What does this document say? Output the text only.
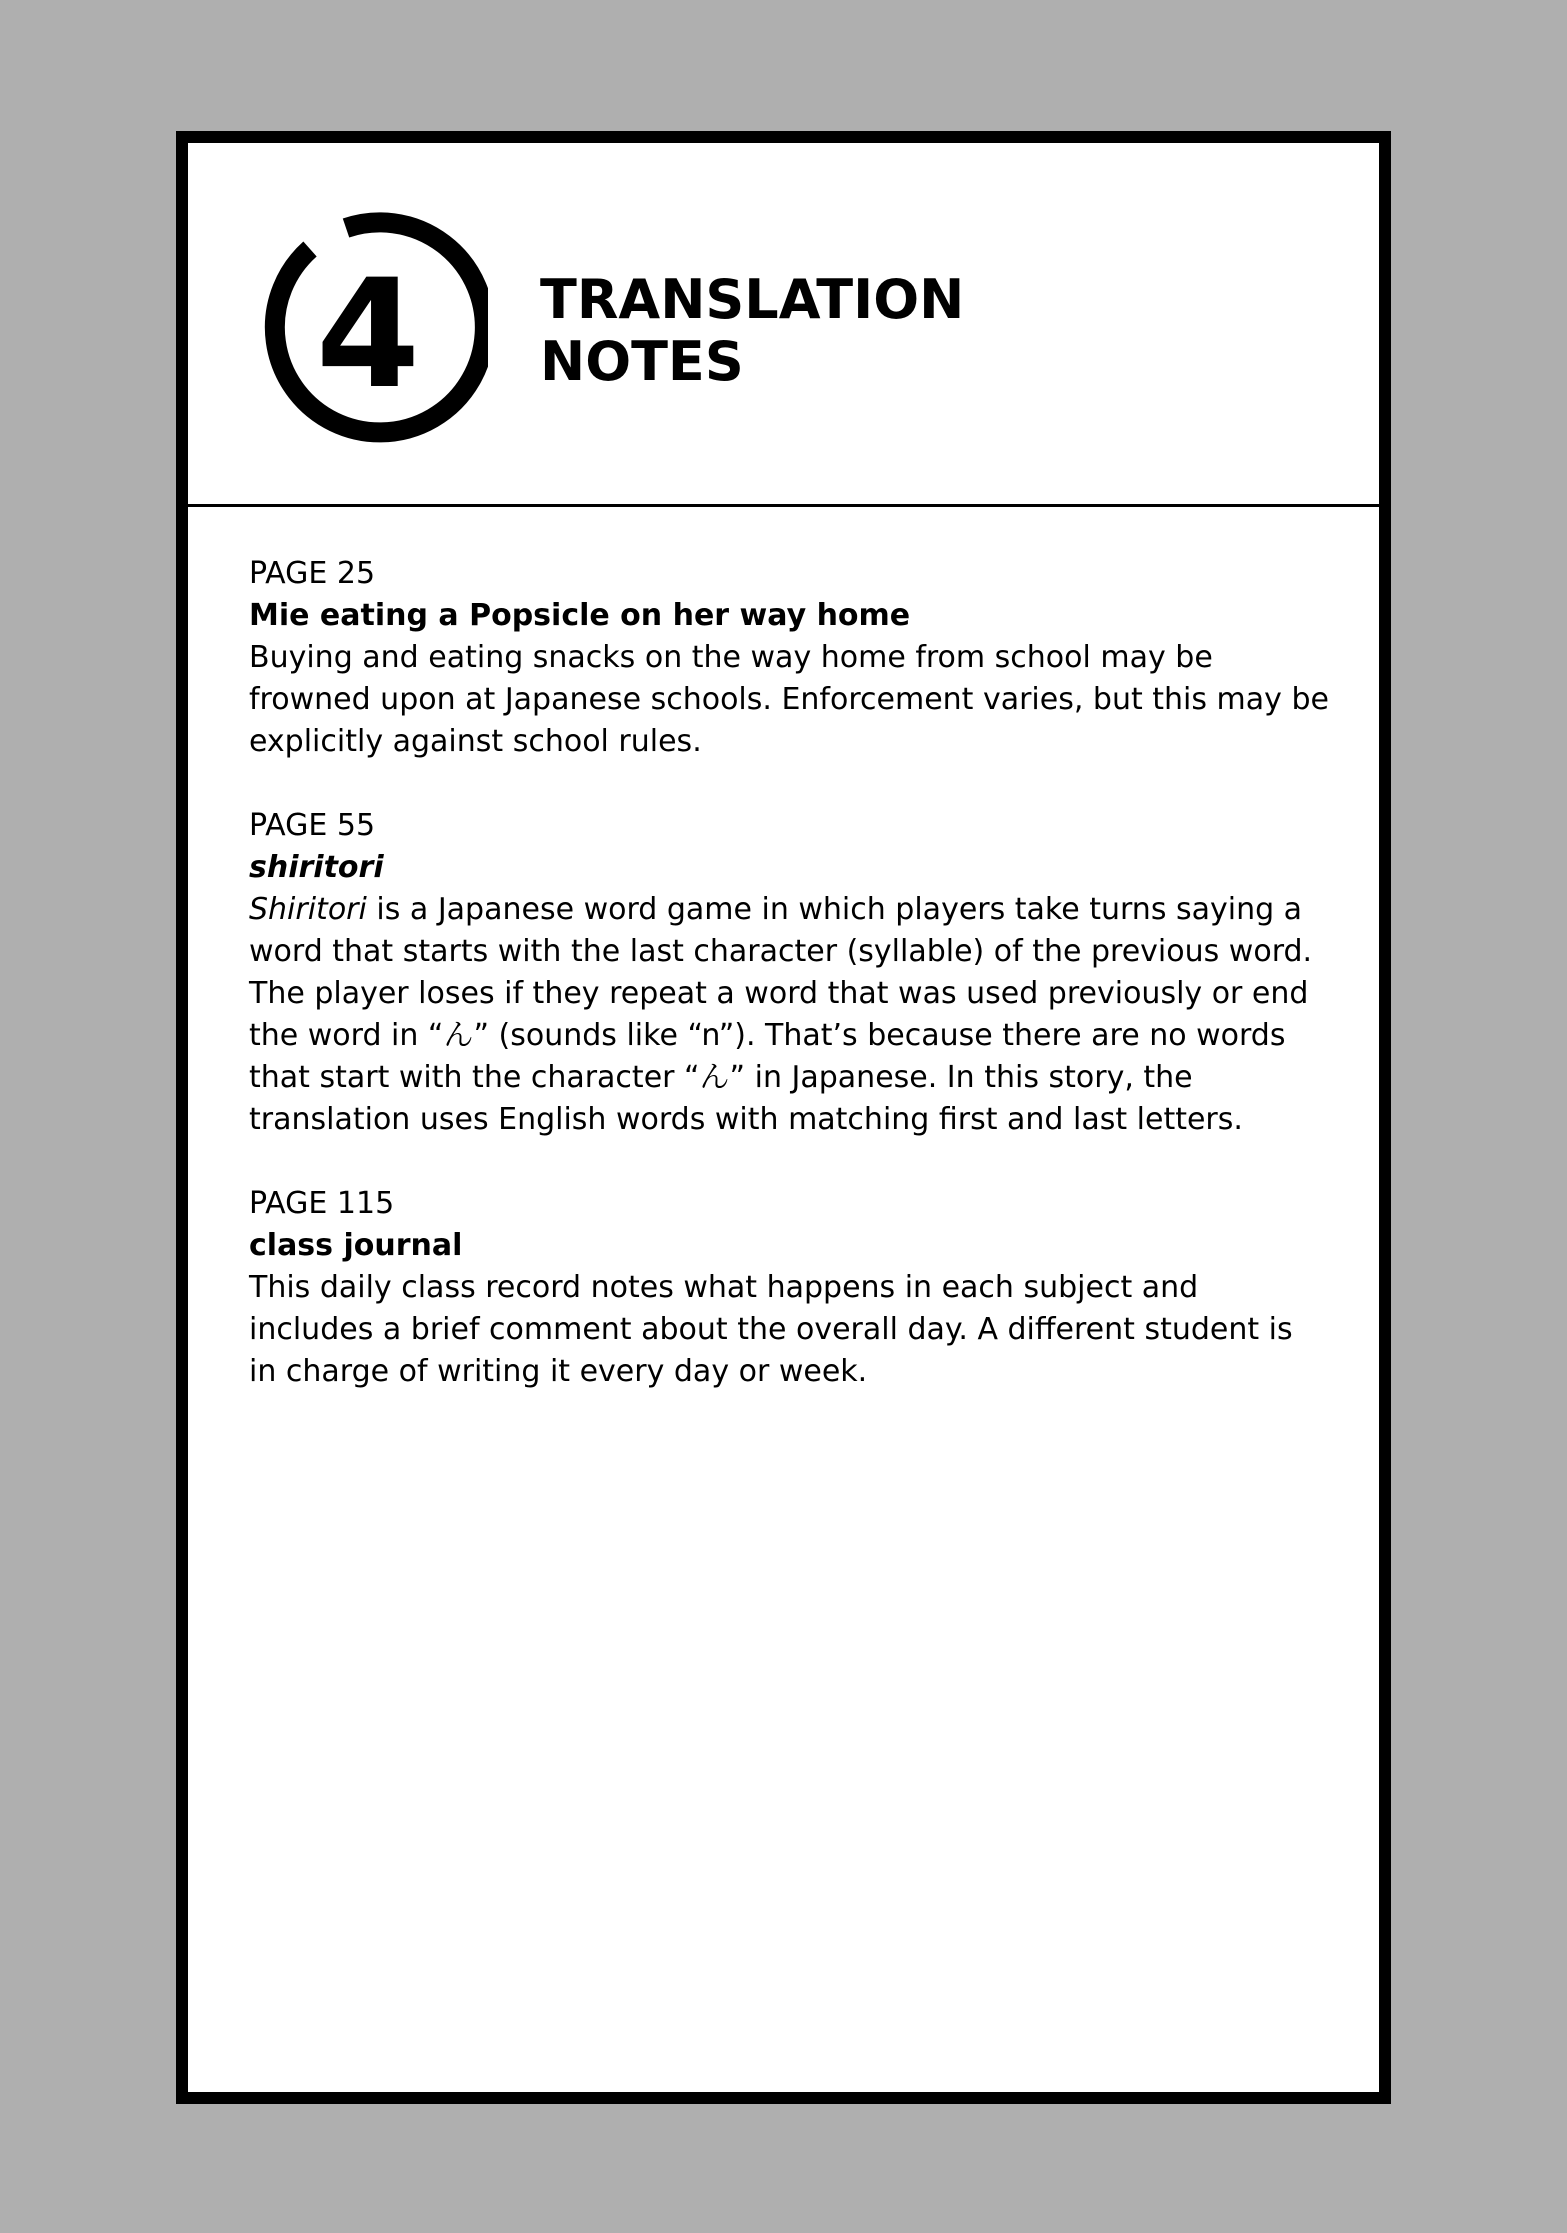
4	TRANSLATION
NOTES
PAGE 25
Mie eating a Popsicle on her way home
Buying and eating snacks on the way home from school may be frowned upon at Japanese schools. Enforcement varies, but this may be explicitly against school rules.
PAGE 55
shiritori
Shiritori is a Japanese word game in which players take turns saying a word that starts with the last character (syllable) of the previous word. The player loses if they repeat a word that was used previously or end the word in “ん” (sounds like “n”). That’s because there are no words that start with the character “ん” in Japanese. In this story, the translation uses English words with matching first and last letters.
PAGE 115
class journal
This daily class record notes what happens in each subject and includes a brief comment about the overall day. A different student is in charge of writing it every day or week.
